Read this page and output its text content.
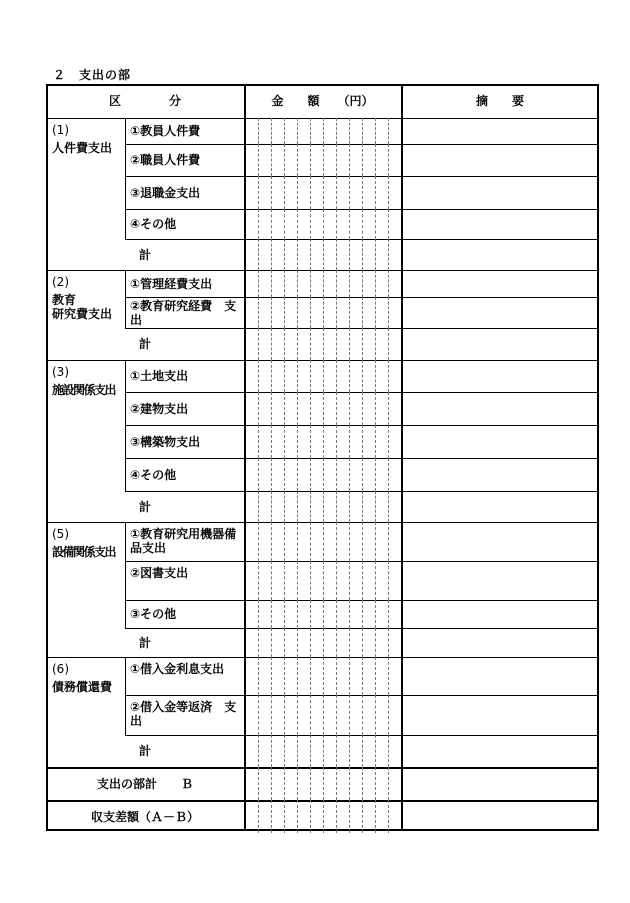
２　支出の部
区　　　　分	金　　額　　（円）	摘　　要
(1)
人件費支出
①教員人件費
②職員人件費
③退職金支出
④その他
計
(2)
教育
研究費支出
①管理経費支出
②教育研究経費　支出
計
(3)
施設関係支出
①土地支出
②建物支出
③構築物支出
④その他
計
(5)
設備関係支出
①教育研究用機器備品支出
②図書支出
③その他
計
(6)
債務償還費
①借入金利息支出
②借入金等返済　支出
計
支出の部計　　Ｂ
収支差額（Ａ－Ｂ）
